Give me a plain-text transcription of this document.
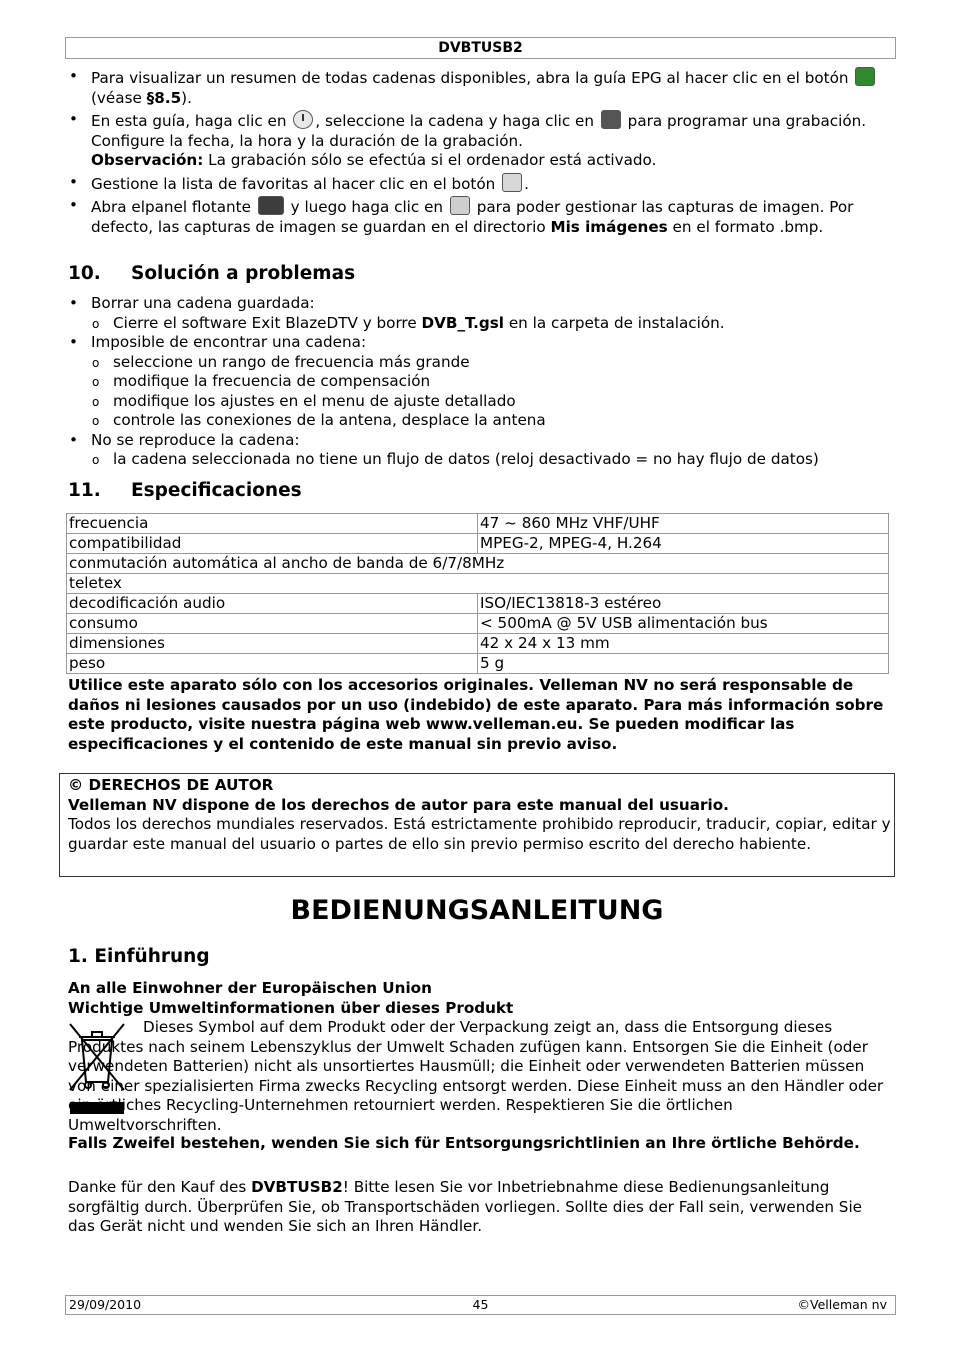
DVBTUSB2
• Para visualizar un resumen de todas cadenas disponibles, abra la guía EPG al hacer clic en el botón  (véase §8.5).
• En esta guía, haga clic en , seleccione la cadena y haga clic en  para programar una grabación. Configure la fecha, la hora y la duración de la grabación.
Observación: La grabación sólo se efectúa si el ordenador está activado.
• Gestione la lista de favoritas al hacer clic en el botón .
• Abra elpanel flotante  y luego haga clic en  para poder gestionar las capturas de imagen. Por defecto, las capturas de imagen se guardan en el directorio Mis imágenes en el formato .bmp.
10. Solución a problemas
• Borrar una cadena guardada:
o Cierre el software Exit BlazeDTV y borre DVB_T.gsl en la carpeta de instalación.
• Imposible de encontrar una cadena:
o seleccione un rango de frecuencia más grande
o modifique la frecuencia de compensación
o modifique los ajustes en el menu de ajuste detallado
o controle las conexiones de la antena, desplace la antena
• No se reproduce la cadena:
o la cadena seleccionada no tiene un flujo de datos (reloj desactivado = no hay flujo de datos)
11. Especificaciones
frecuencia	47 ~ 860 MHz VHF/UHF
compatibilidad	MPEG-2, MPEG-4, H.264
conmutación automática al ancho de banda de 6/7/8MHz	
teletex	
decodificación audio	ISO/IEC13818-3 estéreo
consumo	< 500mA @ 5V USB alimentación bus
dimensiones	42 x 24 x 13 mm
peso	5 g
Utilice este aparato sólo con los accesorios originales. Velleman NV no será responsable de daños ni lesiones causados por un uso (indebido) de este aparato. Para más información sobre este producto, visite nuestra página web www.velleman.eu. Se pueden modificar las especificaciones y el contenido de este manual sin previo aviso.
© DERECHOS DE AUTOR
Velleman NV dispone de los derechos de autor para este manual del usuario.
Todos los derechos mundiales reservados. Está estrictamente prohibido reproducir, traducir, copiar, editar y guardar este manual del usuario o partes de ello sin previo permiso escrito del derecho habiente.
BEDIENUNGSANLEITUNG
1. Einführung
An alle Einwohner der Europäischen Union
Wichtige Umweltinformationen über dieses Produkt
Dieses Symbol auf dem Produkt oder der Verpackung zeigt an, dass die Entsorgung dieses Produktes nach seinem Lebenszyklus der Umwelt Schaden zufügen kann. Entsorgen Sie die Einheit (oder verwendeten Batterien) nicht als unsortiertes Hausmüll; die Einheit oder verwendeten Batterien müssen von einer spezialisierten Firma zwecks Recycling entsorgt werden. Diese Einheit muss an den Händler oder ein örtliches Recycling-Unternehmen retourniert werden. Respektieren Sie die örtlichen Umweltvorschriften.
Falls Zweifel bestehen, wenden Sie sich für Entsorgungsrichtlinien an Ihre örtliche Behörde.
Danke für den Kauf des DVBTUSB2! Bitte lesen Sie vor Inbetriebnahme diese Bedienungsanleitung sorgfältig durch. Überprüfen Sie, ob Transportschäden vorliegen. Sollte dies der Fall sein, verwenden Sie das Gerät nicht und wenden Sie sich an Ihren Händler.
29/09/2010	45	©Velleman nv
